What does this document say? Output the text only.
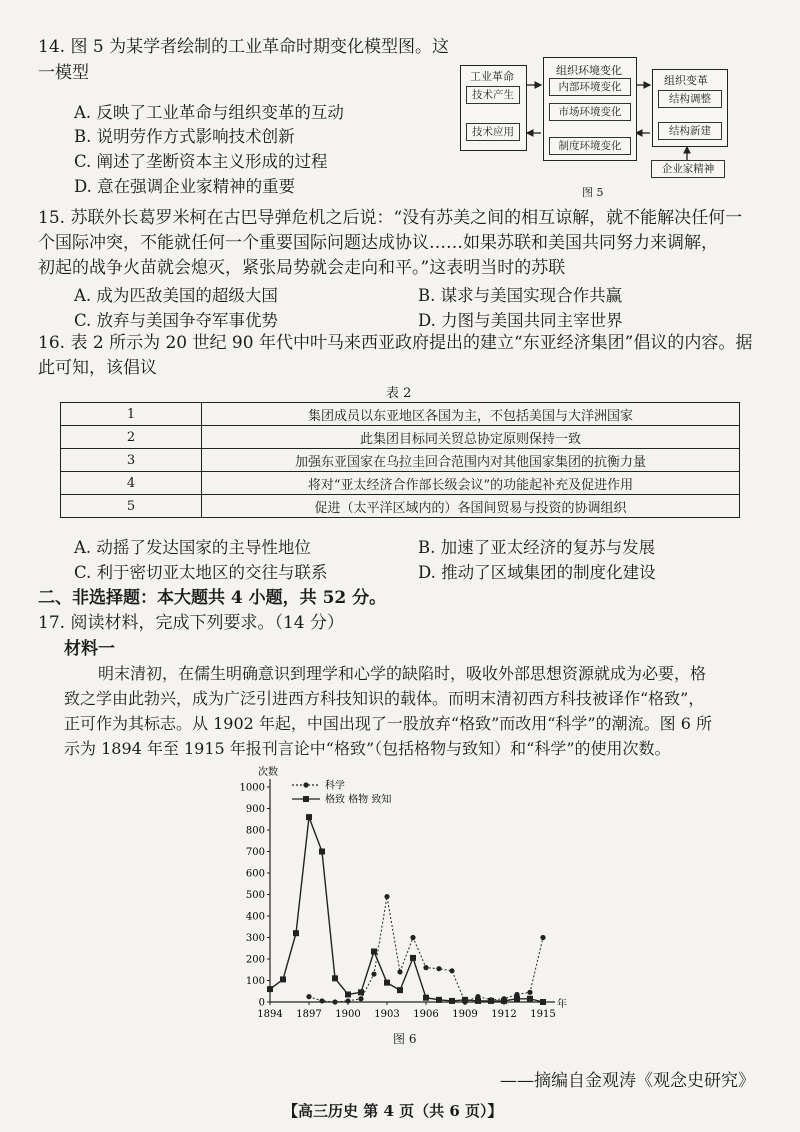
14. 图 5 为某学者绘制的工业革命时期变化模型图。这
一模型
A. 反映了工业革命与组织变革的互动
B. 说明劳作方式影响技术创新
C. 阐述了垄断资本主义形成的过程
D. 意在强调企业家精神的重要
工业革命
技术产生
技术应用
组织环境变化
内部环境变化
市场环境变化
制度环境变化
组织变革
结构调整
结构新建
企业家精神
图 5
15. 苏联外长葛罗米柯在古巴导弹危机之后说：“没有苏美之间的相互谅解，就不能解决任何一
个国际冲突，不能就任何一个重要国际问题达成协议……如果苏联和美国共同努力来调解，
初起的战争火苗就会熄灭，紧张局势就会走向和平。”这表明当时的苏联
A. 成为匹敌美国的超级大国	B. 谋求与美国实现合作共赢
C. 放弃与美国争夺军事优势	D. 力图与美国共同主宰世界
16. 表 2 所示为 20 世纪 90 年代中叶马来西亚政府提出的建立“东亚经济集团”倡议的内容。据
此可知，该倡议
表 2
1	集团成员以东亚地区各国为主，不包括美国与大洋洲国家
2	此集团目标同关贸总协定原则保持一致
3	加强东亚国家在乌拉圭回合范围内对其他国家集团的抗衡力量
4	将对“亚太经济合作部长级会议”的功能起补充及促进作用
5	促进（太平洋区域内的）各国间贸易与投资的协调组织
A. 动摇了发达国家的主导性地位	B. 加速了亚太经济的复苏与发展
C. 利于密切亚太地区的交往与联系	D. 推动了区域集团的制度化建设
二、非选择题：本大题共 4 小题，共 52 分。
17. 阅读材料，完成下列要求。（14 分）
材料一
明末清初，在儒生明确意识到理学和心学的缺陷时，吸收外部思想资源就成为必要，格
致之学由此勃兴，成为广泛引进西方科技知识的载体。而明末清初西方科技被译作“格致”，
正可作为其标志。从 1902 年起，中国出现了一股放弃“格致”而改用“科学”的潮流。图 6 所
示为 1894 年至 1915 年报刊言论中“格致”（包括格物与致知）和“科学”的使用次数。
次数
年
0
100
200
300
400
500
600
700
800
900
1000
1894 1897 1900 1903 1906 1909 1912 1915
科学
格致 格物 致知
图 6
——摘编自金观涛《观念史研究》
【高三历史 第 4 页（共 6 页）】
